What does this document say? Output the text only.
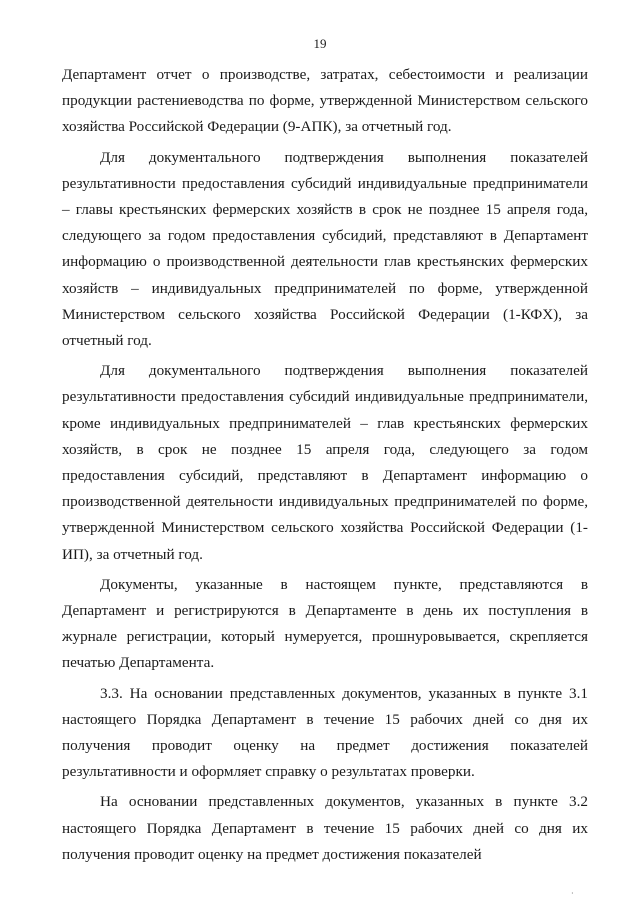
19

Департамент отчет о производстве, затратах, себестоимости и реализации продукции растениеводства по форме, утвержденной Министерством сельского хозяйства Российской Федерации (9-АПК), за отчетный год.

Для документального подтверждения выполнения показателей результативности предоставления субсидий индивидуальные предприниматели – главы крестьянских фермерских хозяйств в срок не позднее 15 апреля года, следующего за годом предоставления субсидий, представляют в Департамент информацию о производственной деятельности глав крестьянских фермерских хозяйств – индивидуальных предпринимателей по форме, утвержденной Министерством сельского хозяйства Российской Федерации (1-КФХ), за отчетный год.

Для документального подтверждения выполнения показателей результативности предоставления субсидий индивидуальные предприниматели, кроме индивидуальных предпринимателей – глав крестьянских фермерских хозяйств, в срок не позднее 15 апреля года, следующего за годом предоставления субсидий, представляют в Департамент информацию о производственной деятельности индивидуальных предпринимателей по форме, утвержденной Министерством сельского хозяйства Российской Федерации (1-ИП), за отчетный год.

Документы, указанные в настоящем пункте, представляются в Департамент и регистрируются в Департаменте в день их поступления в журнале регистрации, который нумеруется, прошнуровывается, скрепляется печатью Департамента.

3.3. На основании представленных документов, указанных в пункте 3.1 настоящего Порядка Департамент в течение 15 рабочих дней со дня их получения проводит оценку на предмет достижения показателей результативности и оформляет справку о результатах проверки.

На основании представленных документов, указанных в пункте 3.2 настоящего Порядка Департамент в течение 15 рабочих дней со дня их получения проводит оценку на предмет достижения показателей

·
